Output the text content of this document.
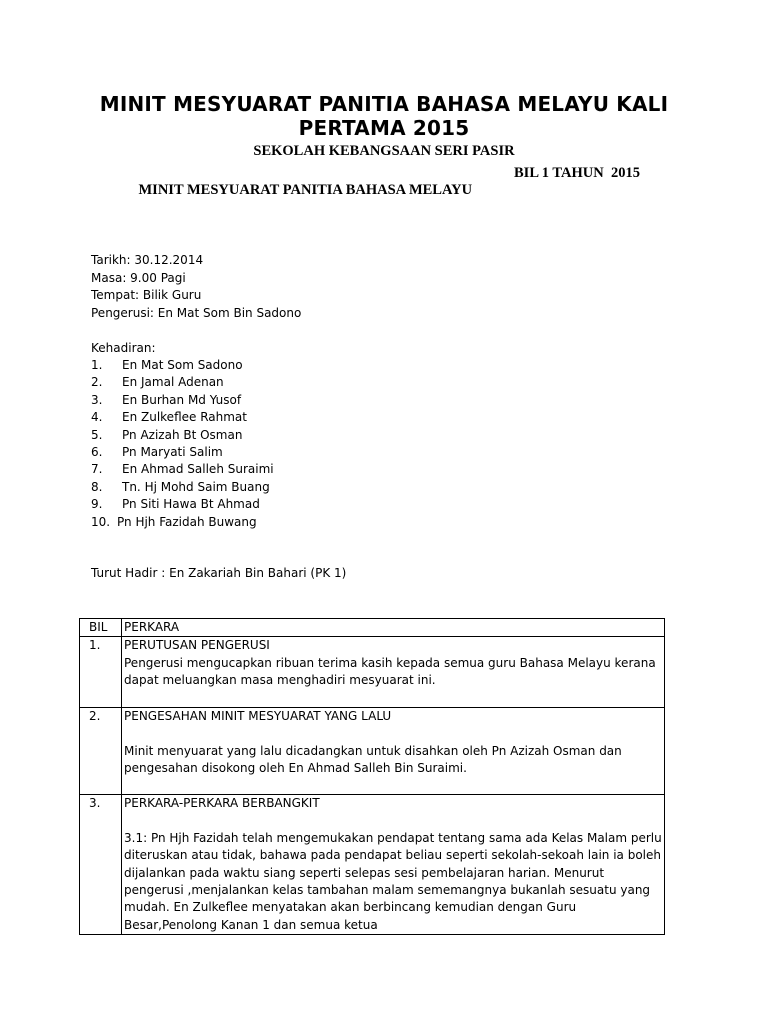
MINIT MESYUARAT PANITIA BAHASA MELAYU KALI PERTAMA 2015
SEKOLAH KEBANGSAAN SERI PASIR

MINIT MESYUARAT PANITIA BAHASA MELAYU

BIL 1 TAHUN  2015

Tarikh: 30.12.2014
Masa: 9.00 Pagi
Tempat: Bilik Guru
Pengerusi: En Mat Som Bin Sadono
Kehadiran:
1. En Mat Som Sadono
2. En Jamal Adenan
3. En Burhan Md Yusof
4. En Zulkeflee Rahmat
5. Pn Azizah Bt Osman
6. Pn Maryati Salim
7. En Ahmad Salleh Suraimi
8. Tn. Hj Mohd Saim Buang
9. Pn Siti Hawa Bt Ahmad
10. Pn Hjh Fazidah Buwang
Turut Hadir : En Zakariah Bin Bahari (PK 1)
BIL	PERKARA
1.	PERUTUSAN PENGERUSI
Pengerusi mengucapkan ribuan terima kasih kepada semua guru Bahasa Melayu kerana dapat meluangkan masa menghadiri mesyuarat ini.

2.	PENGESAHAN MINIT MESYUARAT YANG LALU
Minit menyuarat yang lalu dicadangkan untuk disahkan oleh Pn Azizah Osman dan pengesahan disokong oleh En Ahmad Salleh Bin Suraimi.

3.	PERKARA-PERKARA BERBANGKIT
3.1: Pn Hjh Fazidah telah mengemukakan pendapat tentang sama ada Kelas Malam perlu diteruskan atau tidak, bahawa pada pendapat beliau seperti sekolah-sekoah lain ia boleh dijalankan pada waktu siang seperti selepas sesi pembelajaran harian. Menurut pengerusi ,menjalankan kelas tambahan malam sememangnya bukanlah sesuatu yang mudah. En Zulkeflee menyatakan akan berbincang kemudian dengan Guru Besar,Penolong Kanan 1 dan semua ketua
